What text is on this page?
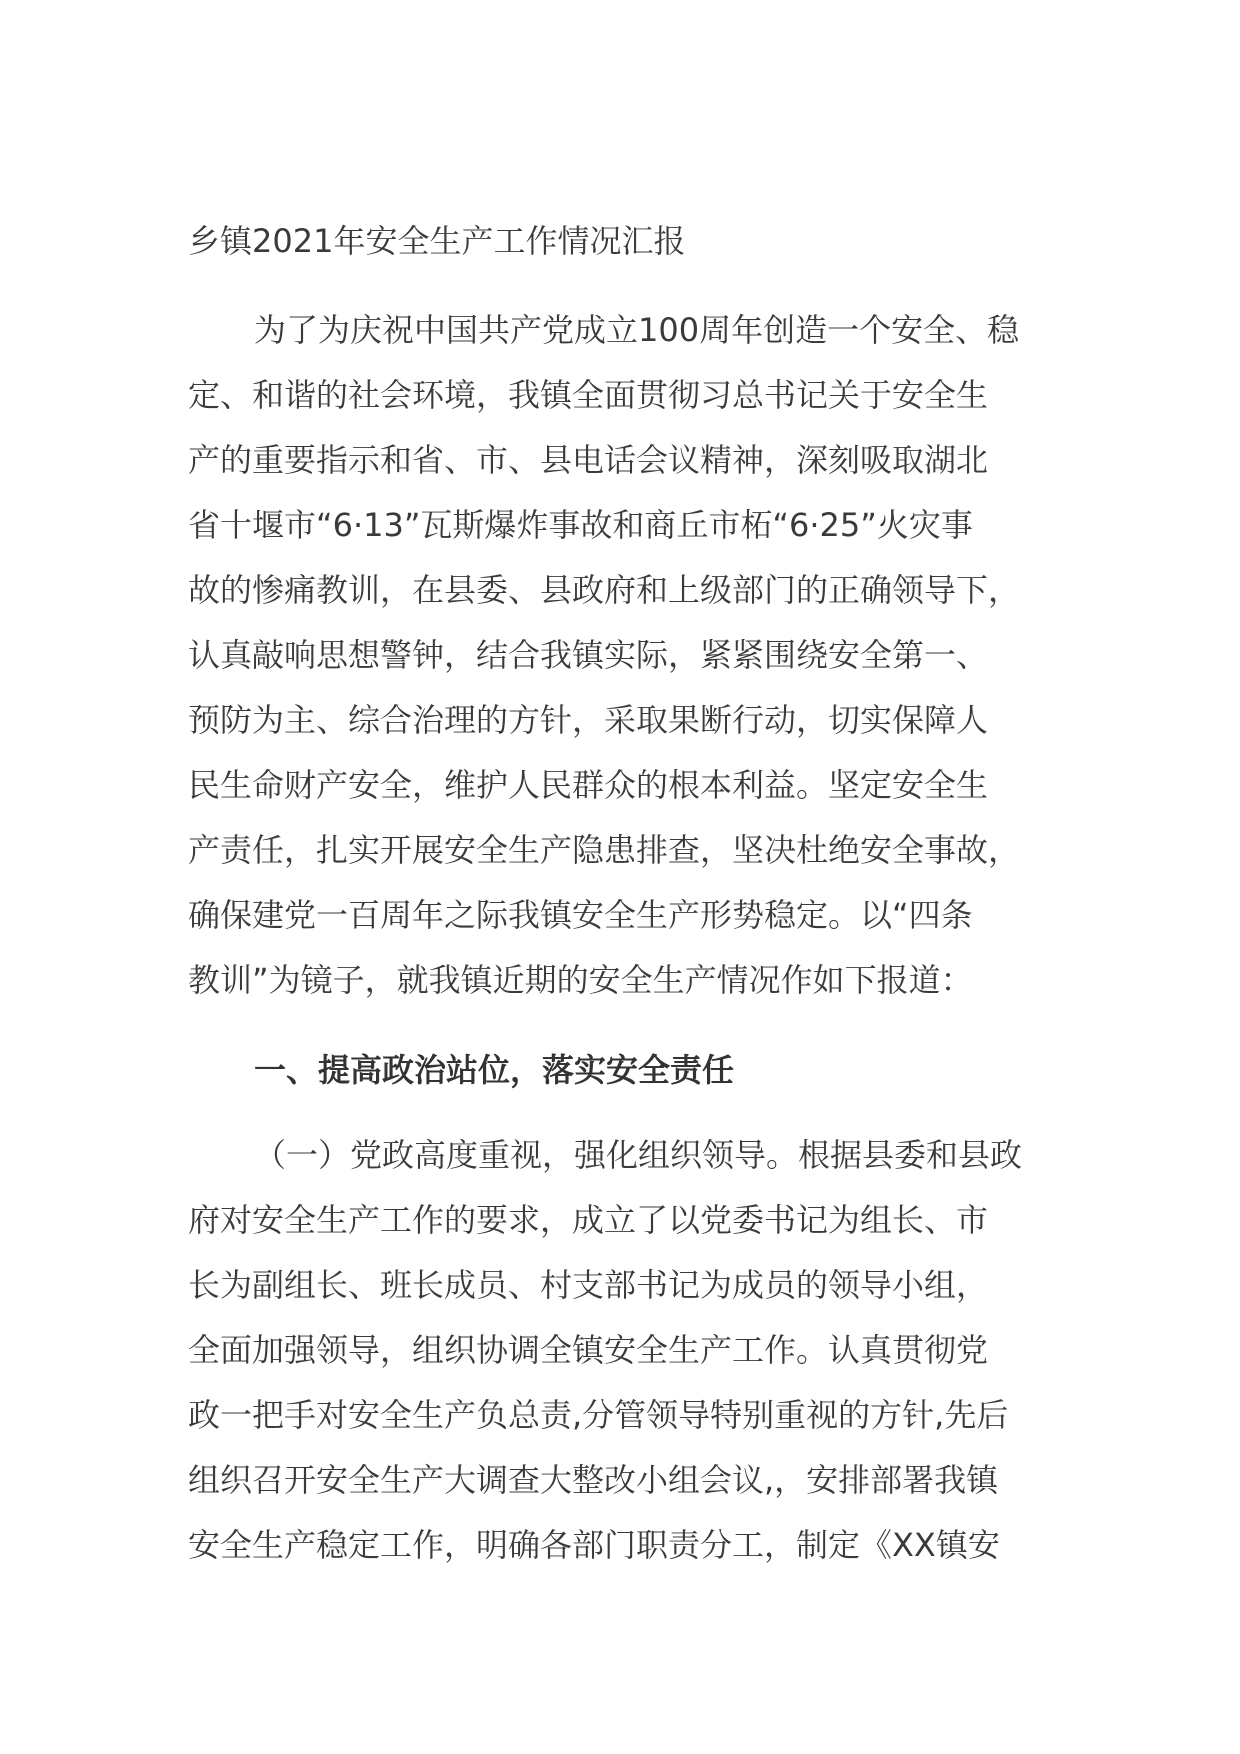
乡镇2021年安全生产工作情况汇报
为了为庆祝中国共产党成立100周年创造一个安全、稳
定、和谐的社会环境，我镇全面贯彻习总书记关于安全生
产的重要指示和省、市、县电话会议精神，深刻吸取湖北
省十堰市“6·13”瓦斯爆炸事故和商丘市柘“6·25”火灾事
故的惨痛教训，在县委、县政府和上级部门的正确领导下，
认真敲响思想警钟，结合我镇实际，紧紧围绕安全第一、
预防为主、综合治理的方针，采取果断行动，切实保障人
民生命财产安全，维护人民群众的根本利益。坚定安全生
产责任，扎实开展安全生产隐患排查，坚决杜绝安全事故，
确保建党一百周年之际我镇安全生产形势稳定。以“四条
教训”为镜子，就我镇近期的安全生产情况作如下报道：
一、提高政治站位，落实安全责任
（一）党政高度重视，强化组织领导。根据县委和县政
府对安全生产工作的要求，成立了以党委书记为组长、市
长为副组长、班长成员、村支部书记为成员的领导小组，
全面加强领导，组织协调全镇安全生产工作。认真贯彻党
政一把手对安全生产负总责,分管领导特别重视的方针,先后
组织召开安全生产大调查大整改小组会议,，安排部署我镇
安全生产稳定工作，明确各部门职责分工，制定《XX镇安
